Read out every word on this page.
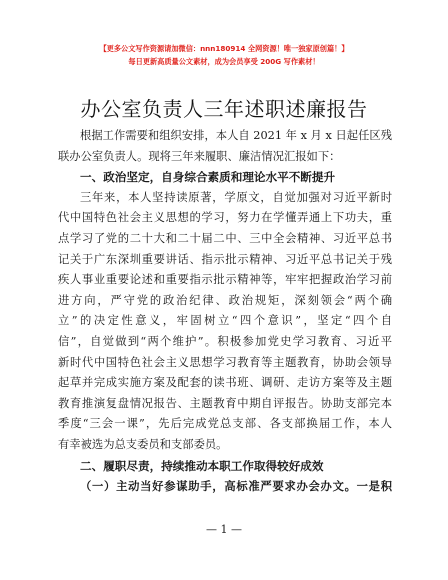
【更多公文写作资源请加微信：nnn180914 全网资源！唯一独家原创篇！】
每日更新高质量公文素材，成为会员享受 200G 写作素材！
办公室负责人三年述职述廉报告
根据工作需要和组织安排，本人自 2021 年 x 月 x 日起任区残
联办公室负责人。现将三年来履职、廉洁情况汇报如下：
一、政治坚定，自身综合素质和理论水平不断提升
三年来，本人坚持读原著，学原文，自觉加强对习近平新时
代中国特色社会主义思想的学习，努力在学懂弄通上下功夫，重
点学习了党的二十大和二十届二中、三中全会精神、习近平总书
记关于广东深圳重要讲话、指示批示精神、习近平总书记关于残
疾人事业重要论述和重要指示批示精神等，牢牢把握政治学习前
进方向，严守党的政治纪律、政治规矩，深刻领会“两个确
立”的决定性意义，牢固树立“四个意识”，坚定“四个自
信”，自觉做到“两个维护”。积极参加党史学习教育、习近平
新时代中国特色社会主义思想学习教育等主题教育，协助会领导
起草并完成实施方案及配套的读书班、调研、走访方案等及主题
教育推演复盘情况报告、主题教育中期自评报告。协助支部完本
季度“三会一课”，先后完成党总支部、各支部换届工作，本人
有幸被选为总支委员和支部委员。
二、履职尽责，持续推动本职工作取得较好成效
（一）主动当好参谋助手，高标准严要求办会办文。一是积
— 1 —
